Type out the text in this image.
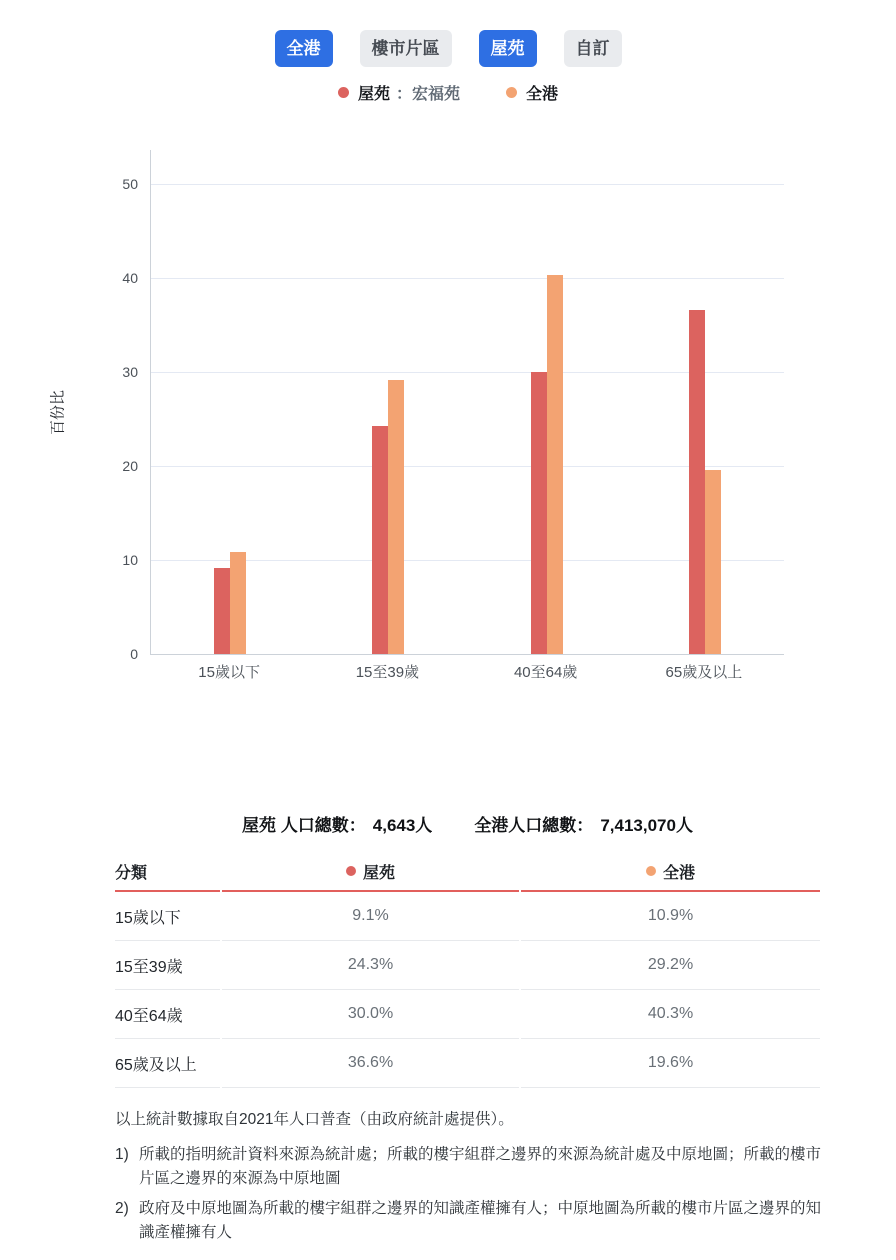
全港	樓市片區	屋苑	自訂
屋苑 ：宏福苑	全港
百份比
0
10
20
30
40
50
15歲以下	15至39歲	40至64歲	65歲及以上
屋苑 人口總數： 4,643人 全港人口總數： 7,413,070人
分類	屋苑	全港
15歲以下	9.1%	10.9%
15至39歲	24.3%	29.2%
40至64歲	30.0%	40.3%
65歲及以上	36.6%	19.6%
以上統計數據取自2021年人口普查（由政府統計處提供）。
1) 所載的指明統計資料來源為統計處；所載的樓宇組群之邊界的來源為統計處及中原地圖；所載的樓市片區之邊界的來源為中原地圖
2) 政府及中原地圖為所載的樓宇組群之邊界的知識產權擁有人；中原地圖為所載的樓市片區之邊界的知識產權擁有人
